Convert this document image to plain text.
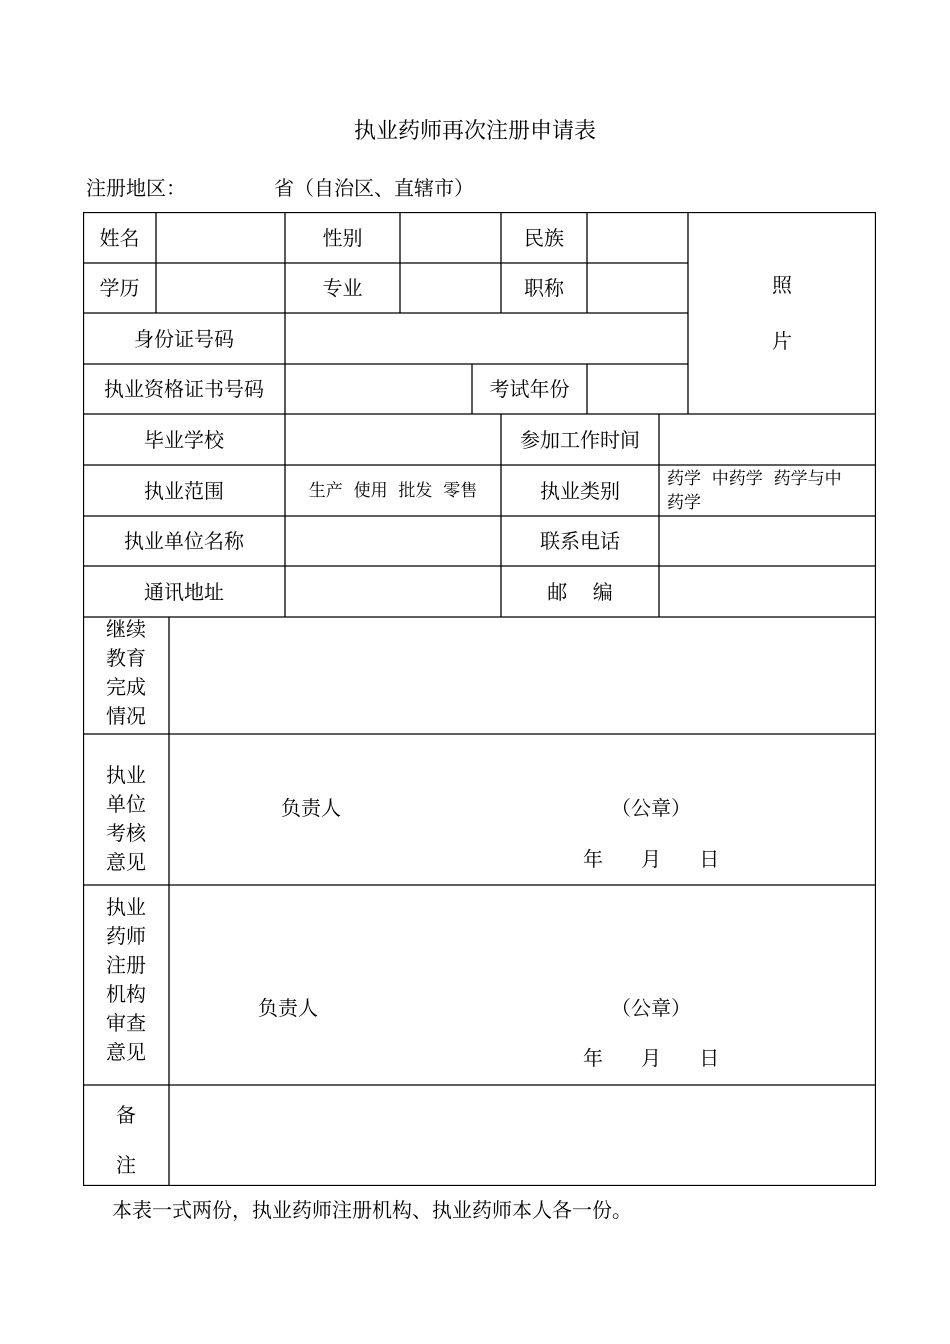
执业药师再次注册申请表
注册地区：	省（自治区、直辖市）
姓名	性别	民族
照
片
学历	专业	职称
身份证号码
执业资格证书号码	考试年份
毕业学校	参加工作时间
执业范围	生产  使用  批发  零售	执业类别	药学  中药学  药学与中
药学
执业单位名称	联系电话
通讯地址	邮    编
继续
教育
完成
情况
执业
单位
考核
意见
负责人	（公章）
年      月      日
执业
药师
注册
机构
审查
意见
负责人	（公章）
年      月      日
备
注
本表一式两份，执业药师注册机构、执业药师本人各一份。
